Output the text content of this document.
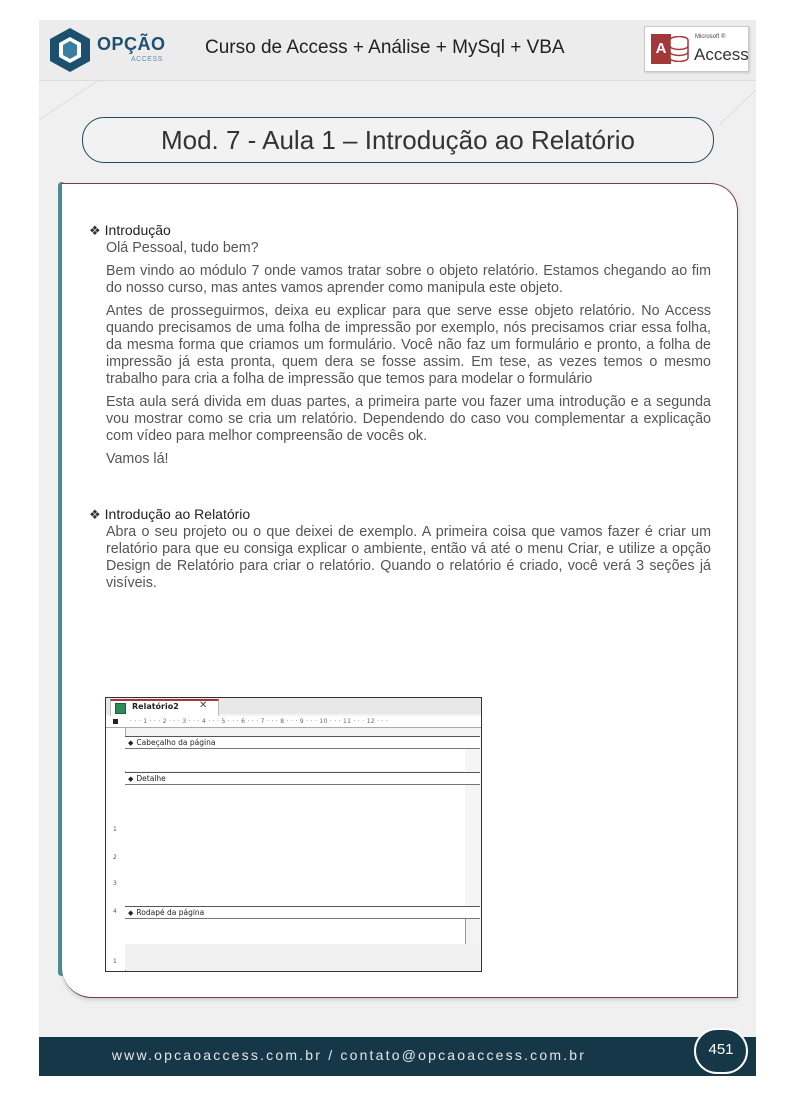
OPÇÃO
ACCESS
Curso de Access + Análise + MySql + VBA	A
Microsoft ®
Access
Mod. 7 - Aula 1 – Introdução ao Relatório
❖ Introdução

Olá Pessoal, tudo bem?

Bem vindo ao módulo 7 onde vamos tratar sobre o objeto relatório. Estamos chegando ao fim do nosso curso, mas antes vamos aprender como manipula este objeto.

Antes de prosseguirmos, deixa eu explicar para que serve esse objeto relatório. No Access quando precisamos de uma folha de impressão por exemplo, nós precisamos criar essa folha, da mesma forma que criamos um formulário. Você não faz um formulário e pronto, a folha de impressão já esta pronta, quem dera se fosse assim. Em tese, as vezes temos o mesmo trabalho para cria a folha de impressão que temos para modelar o formulário

Esta aula será divida em duas partes, a primeira parte vou fazer uma introdução e a segunda vou mostrar como se cria um relatório. Dependendo do caso vou complementar a explicação com vídeo para melhor compreensão de vocês ok.

Vamos lá!

❖ Introdução ao Relatório

Abra o seu projeto ou o que deixei de exemplo. A primeira coisa que vamos fazer é criar um relatório para que eu consiga explicar o ambiente, então vá até o menu Criar, e utilize a opção Design de Relatório para criar o relatório. Quando o relatório é criado, você verá 3 seções já visíveis.

Relatório2 ✕
· · · 1 · · · 2 · · · 3 · · · 4 · · · 5 · · · 6 · · · 7 · · · 8 · · · 9 · · · 10 · · · 11 · · · 12 · · ·
1
2
3
4
1
◆ Cabeçalho da página
◆ Detalhe
◆ Rodapé da página
www.opcaoaccess.com.br / contato@opcaoaccess.com.br	451
